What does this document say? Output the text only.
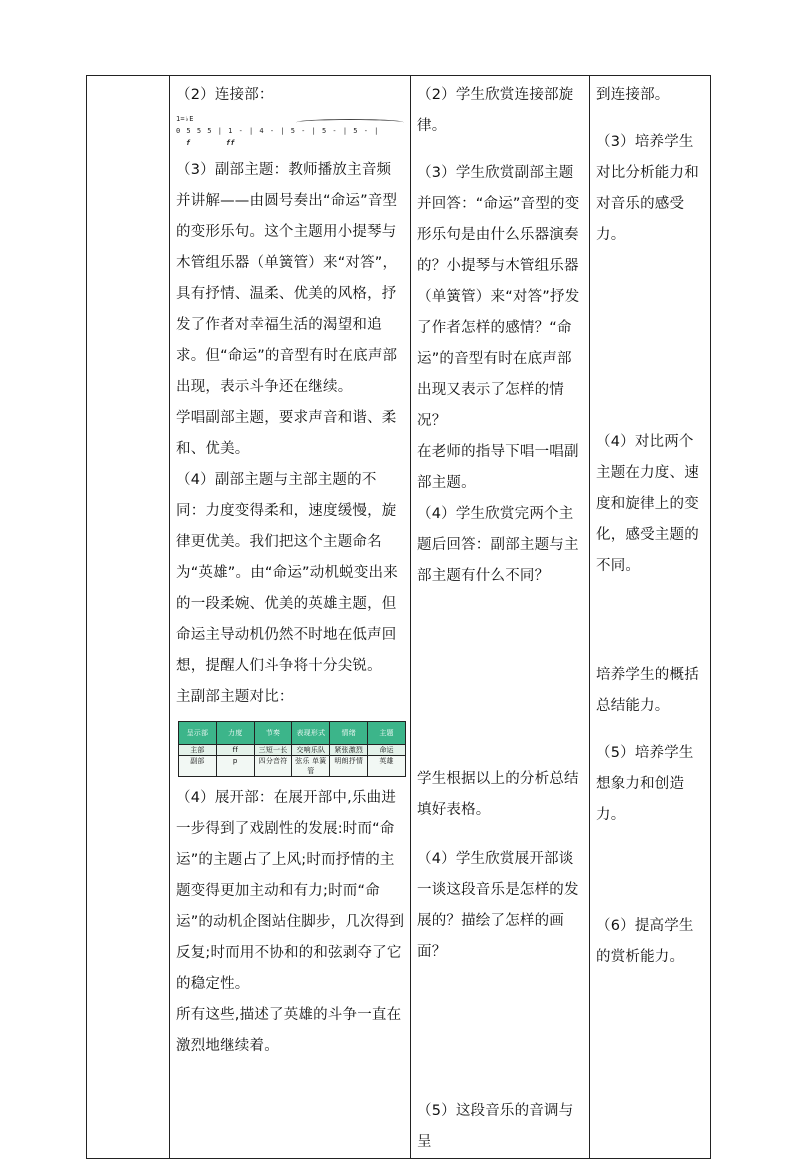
（2）连接部：

1=♭E
0 5 5 5 | 1 - | 4 - | 5 - | 5 - | 5 - |
f	ff

（3）副部主题：教师播放主音频并讲解——由圆号奏出“命运”音型的变形乐句。这个主题用小提琴与木管组乐器（单簧管）来“对答”，具有抒情、温柔、优美的风格，抒发了作者对幸福生活的渴望和追求。但“命运”的音型有时在底声部出现，表示斗争还在继续。

学唱副部主题，要求声音和谐、柔和、优美。

（4）副部主题与主部主题的不同：力度变得柔和，速度缓慢，旋律更优美。我们把这个主题命名为“英雄”。由“命运”动机蜕变出来的一段柔婉、优美的英雄主题，但命运主导动机仍然不时地在低声回想，提醒人们斗争将十分尖锐。

主副部主题对比：

呈示部	力度	节奏	表现形式	情绪	主题
主部	ff	三短一长	交响乐队	紧张激烈	命运
副部	p	四分音符	弦乐 单簧管	明朗抒情	英雄

（4）展开部：在展开部中,乐曲进一步得到了戏剧性的发展:时而“命运”的主题占了上风;时而抒情的主题变得更加主动和有力;时而“命运”的动机企图站住脚步，几次得到反复;时而用不协和的和弦剥夺了它的稳定性。

所有这些,描述了英雄的斗争一直在激烈地继续着。

（2）学生欣赏连接部旋律。

（3）学生欣赏副部主题并回答：“命运”音型的变形乐句是由什么乐器演奏的？小提琴与木管组乐器（单簧管）来“对答”抒发了作者怎样的感情？“命运”的音型有时在底声部出现又表示了怎样的情况？

在老师的指导下唱一唱副部主题。

（4）学生欣赏完两个主题后回答：副部主题与主部主题有什么不同？

学生根据以上的分析总结填好表格。

（4）学生欣赏展开部谈一谈这段音乐是怎样的发展的？描绘了怎样的画面？

（5）这段音乐的音调与呈

到连接部。

（3）培养学生对比分析能力和对音乐的感受力。

（4）对比两个主题在力度、速度和旋律上的变化，感受主题的不同。

培养学生的概括总结能力。

（5）培养学生想象力和创造力。

（6）提高学生的赏析能力。
